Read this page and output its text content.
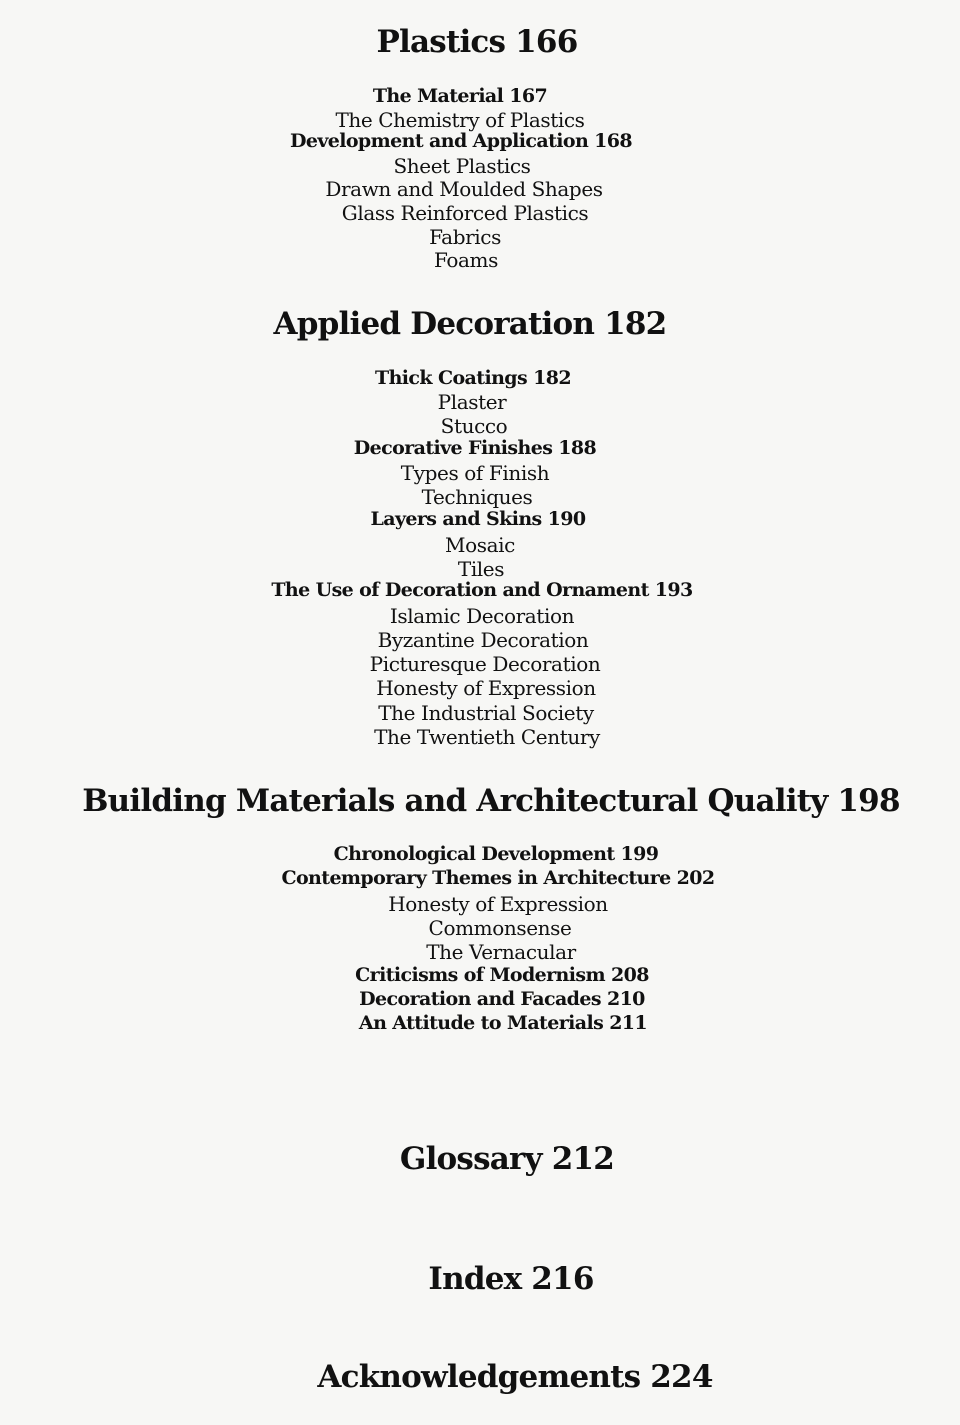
Plastics 166
The Material 167
The Chemistry of Plastics
Development and Application 168
Sheet Plastics
Drawn and Moulded Shapes
Glass Reinforced Plastics
Fabrics
Foams
Applied Decoration 182
Thick Coatings 182
Plaster
Stucco
Decorative Finishes 188
Types of Finish
Techniques
Layers and Skins 190
Mosaic
Tiles
The Use of Decoration and Ornament 193
Islamic Decoration
Byzantine Decoration
Picturesque Decoration
Honesty of Expression
The Industrial Society
The Twentieth Century
Building Materials and Architectural Quality 198
Chronological Development 199
Contemporary Themes in Architecture 202
Honesty of Expression
Commonsense
The Vernacular
Criticisms of Modernism 208
Decoration and Facades 210
An Attitude to Materials 211
Glossary 212
Index 216
Acknowledgements 224
